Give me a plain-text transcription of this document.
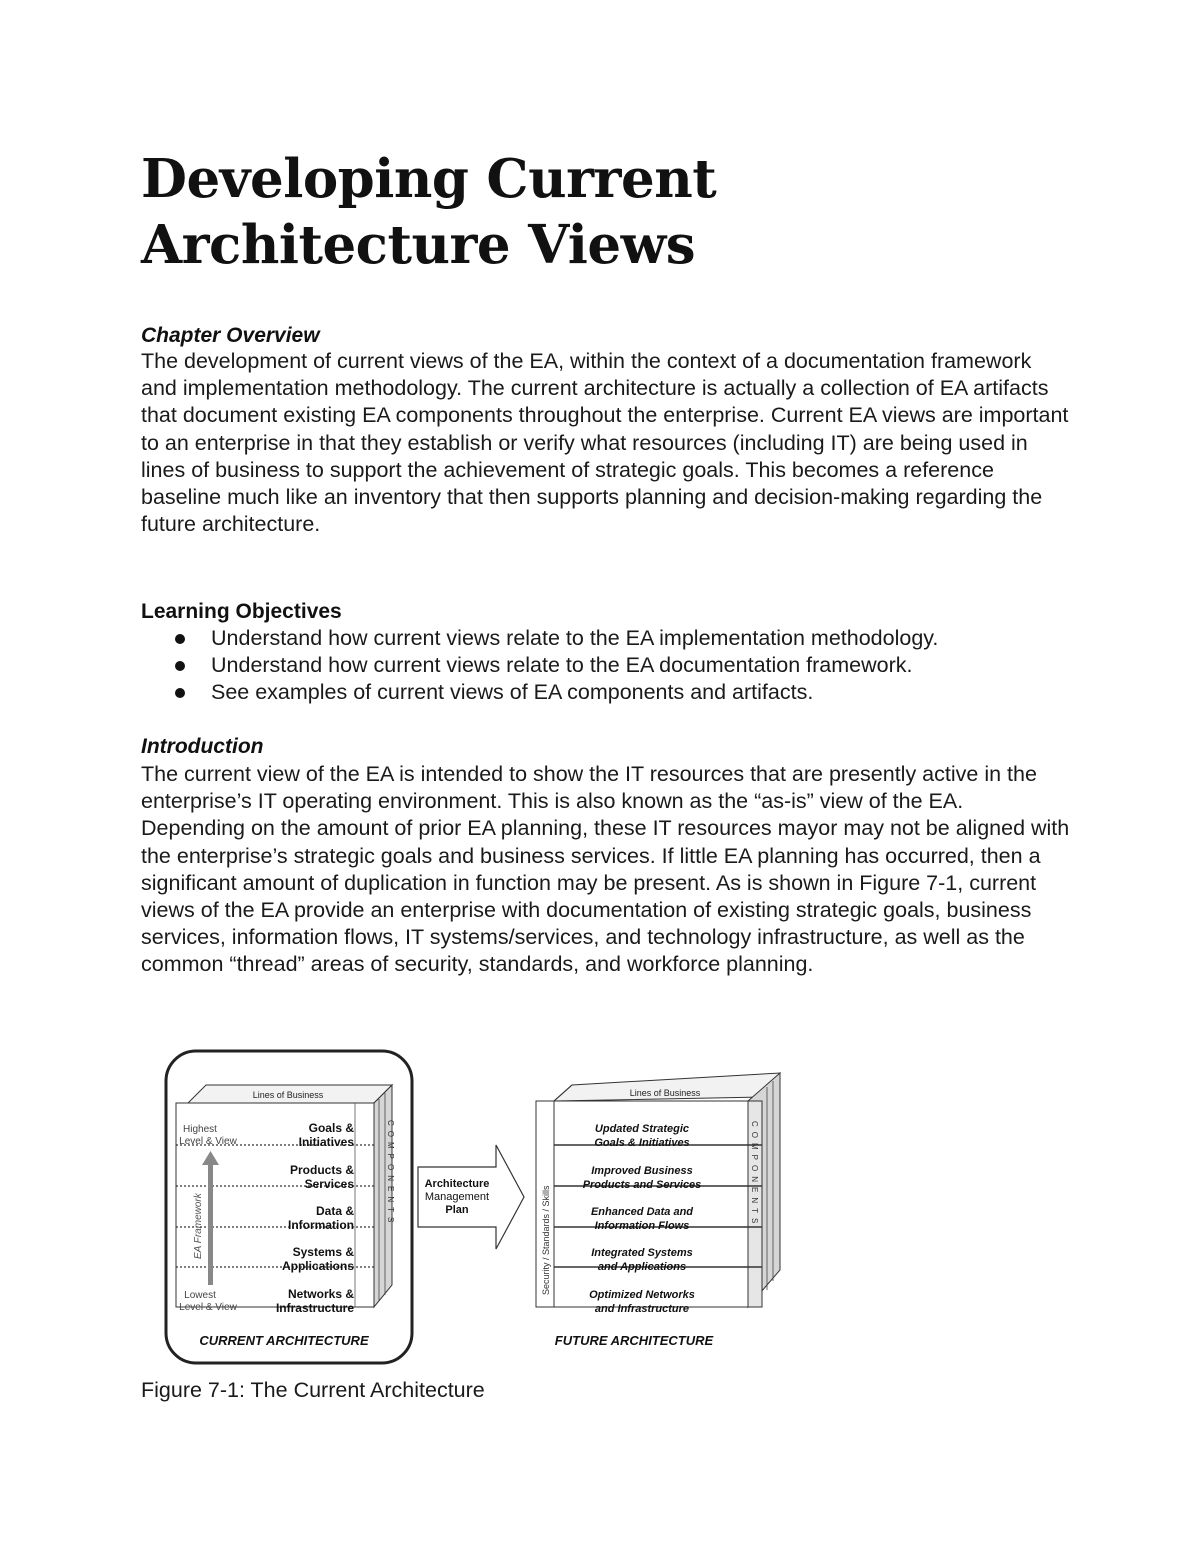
Developing Current Architecture Views

Chapter Overview

The development of current views of the EA, within the context of a documentation framework and implementation methodology. The current architecture is actually a collection of EA artifacts that document existing EA components throughout the enterprise. Current EA views are important to an enterprise in that they establish or verify what resources (including IT) are being used in lines of business to support the achievement of strategic goals. This becomes a reference baseline much like an inventory that then supports planning and decision-making regarding the future architecture.

Learning Objectives

Understand how current views relate to the EA implementation methodology.
Understand how current views relate to the EA documentation framework.
See examples of current views of EA components and artifacts.

Introduction

The current view of the EA is intended to show the IT resources that are presently active in the enterprise’s IT operating environment. This is also known as the “as-is” view of the EA. Depending on the amount of prior EA planning, these IT resources mayor may not be aligned with the enterprise’s strategic goals and business services. If little EA planning has occurred, then a significant amount of duplication in function may be present. As is shown in Figure 7-1, current views of the EA provide an enterprise with documentation of existing strategic goals, business services, information flows, IT systems/services, and technology infrastructure, as well as the common “thread” areas of security, standards, and workforce planning.

Lines of Business
Goals &
Initiatives
Products &
Services
Data &
Information
Systems &
Applications
Networks &
Infrastructure
Highest
Level & View
Lowest
Level & View
EA Framework	COMPONENTS
CURRENT ARCHITECTURE
Architecture
Management
Plan
Lines of Business
Security / Standards / Skills
COMPONENTS
Updated Strategic
Goals & Initiatives
Improved Business
Products and Services
Enhanced Data and
Information Flows
Integrated Systems
and Applications
Optimized Networks
and Infrastructure
FUTURE ARCHITECTURE

Figure 7-1: The Current Architecture
